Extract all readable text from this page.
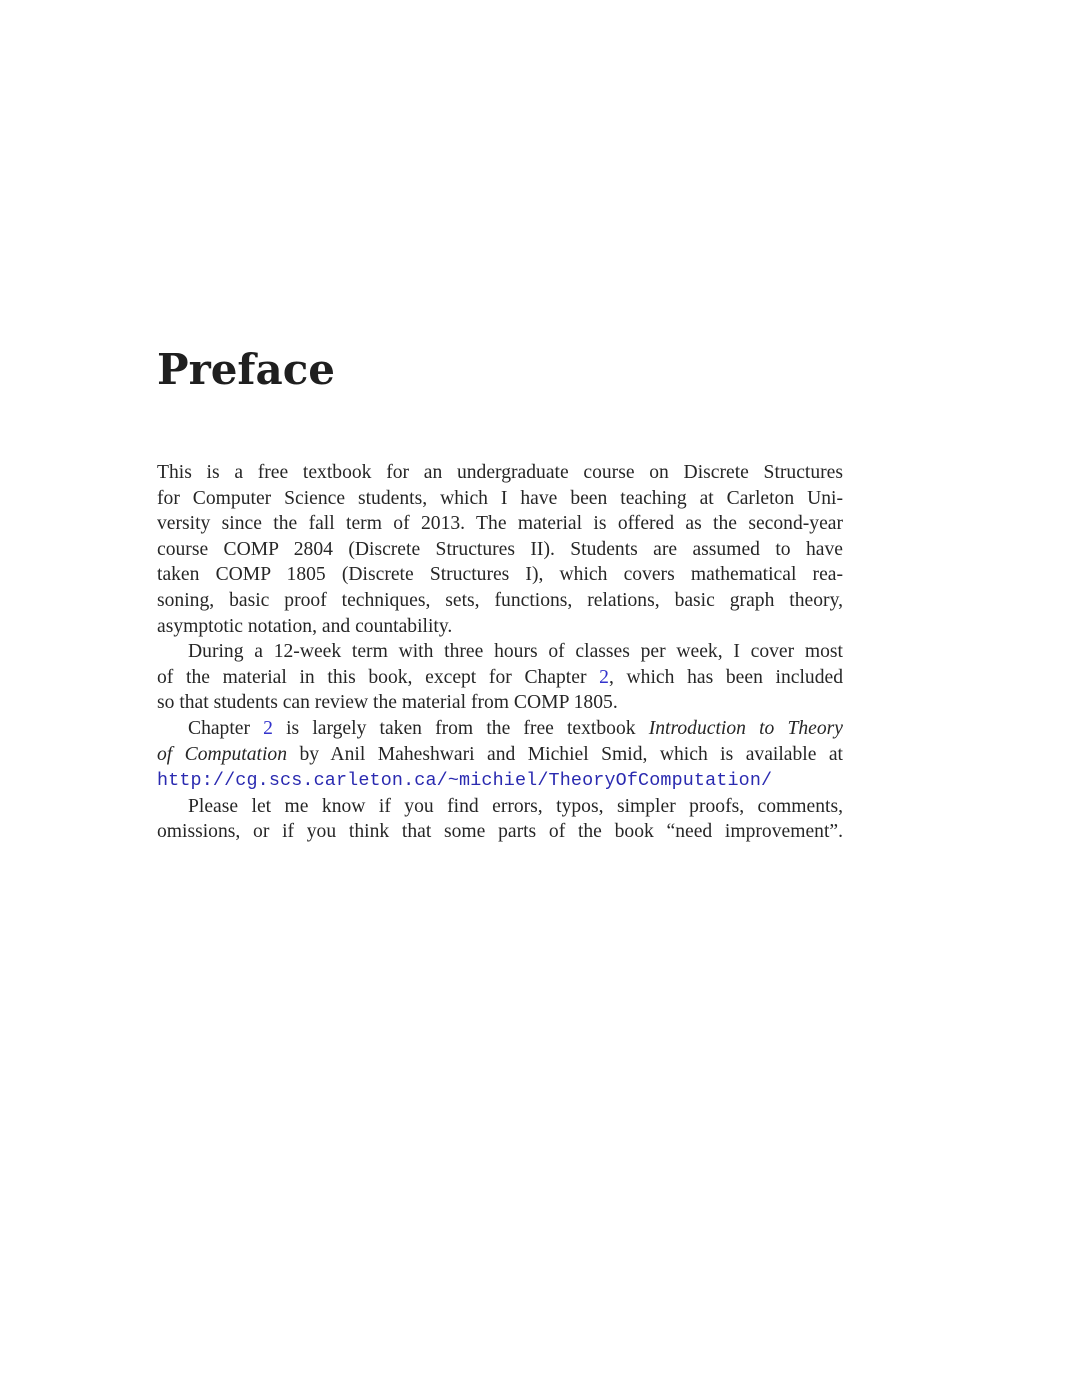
Preface
This is a free textbook for an undergraduate course on Discrete Structures
for Computer Science students, which I have been teaching at Carleton Uni-
versity since the fall term of 2013. The material is offered as the second-year
course COMP 2804 (Discrete Structures II). Students are assumed to have
taken COMP 1805 (Discrete Structures I), which covers mathematical rea-
soning, basic proof techniques, sets, functions, relations, basic graph theory,
asymptotic notation, and countability.
During a 12-week term with three hours of classes per week, I cover most
of the material in this book, except for Chapter 2, which has been included
so that students can review the material from COMP 1805.
Chapter 2 is largely taken from the free textbook Introduction to Theory
of Computation by Anil Maheshwari and Michiel Smid, which is available at
http://cg.scs.carleton.ca/~michiel/TheoryOfComputation/
Please let me know if you find errors, typos, simpler proofs, comments,
omissions, or if you think that some parts of the book “need improvement”.
